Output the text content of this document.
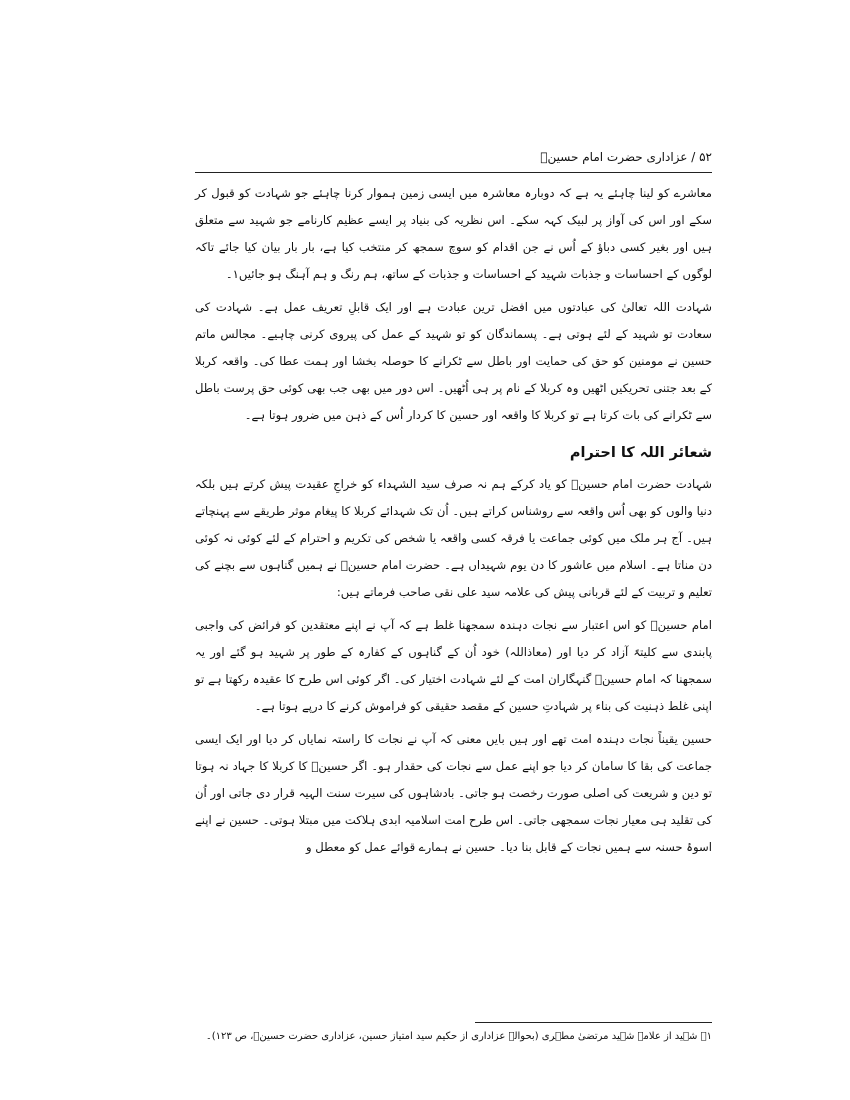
۵۲ / عزاداری حضرت امام حسینؑ

معاشرے کو لینا چاہئے یہ ہے کہ دوبارہ معاشرہ میں ایسی زمین ہموار کرنا چاہئے جو شہادت کو قبول کر سکے اور اس کی آواز پر لبیک کہہ سکے۔ اس نظریہ کی بنیاد پر ایسے عظیم کارنامے جو شہید سے متعلق ہیں اور بغیر کسی دباؤ کے اُس نے جن اقدام کو سوچ سمجھ کر منتخب کیا ہے، بار بار بیان کیا جائے تاکہ لوگوں کے احساسات و جذبات شہید کے احساسات و جذبات کے ساتھ، ہم رنگ و ہم آہنگ ہو جائیں۱۔

شہادت اللہ تعالیٰ کی عبادتوں میں افضل ترین عبادت ہے اور ایک قابلِ تعریف عمل ہے۔ شہادت کی سعادت تو شہید کے لئے ہوتی ہے۔ پسماندگان کو تو شہید کے عمل کی پیروی کرنی چاہیے۔ مجالس ماتم حسین نے مومنین کو حق کی حمایت اور باطل سے ٹکرانے کا حوصلہ بخشا اور ہمت عطا کی۔ واقعہ کربلا کے بعد جتنی تحریکیں اٹھیں وہ کربلا کے نام پر ہی اُٹھیں۔ اس دور میں بھی جب بھی کوئی حق پرست باطل سے ٹکرانے کی بات کرتا ہے تو کربلا کا واقعہ اور حسین کا کردار اُس کے ذہن میں ضرور ہوتا ہے۔

شعائر اللہ کا احترام

شہادت حضرت امام حسینؑ کو یاد کرکے ہم نہ صرف سید الشہداء کو خراجِ عقیدت پیش کرتے ہیں بلکہ دنیا والوں کو بھی اُس واقعہ سے روشناس کراتے ہیں۔ اُن تک شہدائے کربلا کا پیغام موثر طریقے سے پہنچاتے ہیں۔ آج ہر ملک میں کوئی جماعت یا فرقہ کسی واقعہ یا شخص کی تکریم و احترام کے لئے کوئی نہ کوئی دن مناتا ہے۔ اسلام میں عاشور کا دن یوم شہیداں ہے۔ حضرت امام حسینؑ نے ہمیں گناہوں سے بچنے کی تعلیم و تربیت کے لئے قربانی پیش کی علامہ سید علی نقی صاحب فرماتے ہیں:

امام حسینؑ کو اس اعتبار سے نجات دہندہ سمجھنا غلط ہے کہ آپ نے اپنے معتقدین کو فرائض کی واجبی پابندی سے کلیتہً آزاد کر دیا اور (معاذاللہ) خود اُن کے گناہوں کے کفارہ کے طور پر شہید ہو گئے اور یہ سمجھنا کہ امام حسینؑ گنہگاران امت کے لئے شہادت اختیار کی۔ اگر کوئی اس طرح کا عقیدہ رکھتا ہے تو اپنی غلط ذہنیت کی بناء پر شہادتِ حسین کے مقصد حقیقی کو فراموش کرنے کا درپے ہوتا ہے۔

حسین یقیناً نجات دہندہ امت تھے اور ہیں بایں معنی کہ آپ نے نجات کا راستہ نمایاں کر دیا اور ایک ایسی جماعت کی بقا کا سامان کر دیا جو اپنے عمل سے نجات کی حقدار ہو۔ اگر حسینؑ کا کربلا کا جہاد نہ ہوتا تو دین و شریعت کی اصلی صورت رخصت ہو جاتی۔ بادشاہوں کی سیرت سنت الہیہ قرار دی جاتی اور اُن کی تقلید ہی معیار نجات سمجھی جاتی۔ اس طرح امت اسلامیہ ابدی ہلاکت میں مبتلا ہوتی۔ حسین نے اپنے اسوۂ حسنہ سے ہمیں نجات کے قابل بنا دیا۔ حسین نے ہمارے قوائے عمل کو معطل و

۱۔ شہید از علامہ شہید مرتضیٰ مطہری (بحوالہ عزاداری از حکیم سید امتیاز حسین، عزاداری حضرت حسینؑ، ص ۱۲۳)۔
